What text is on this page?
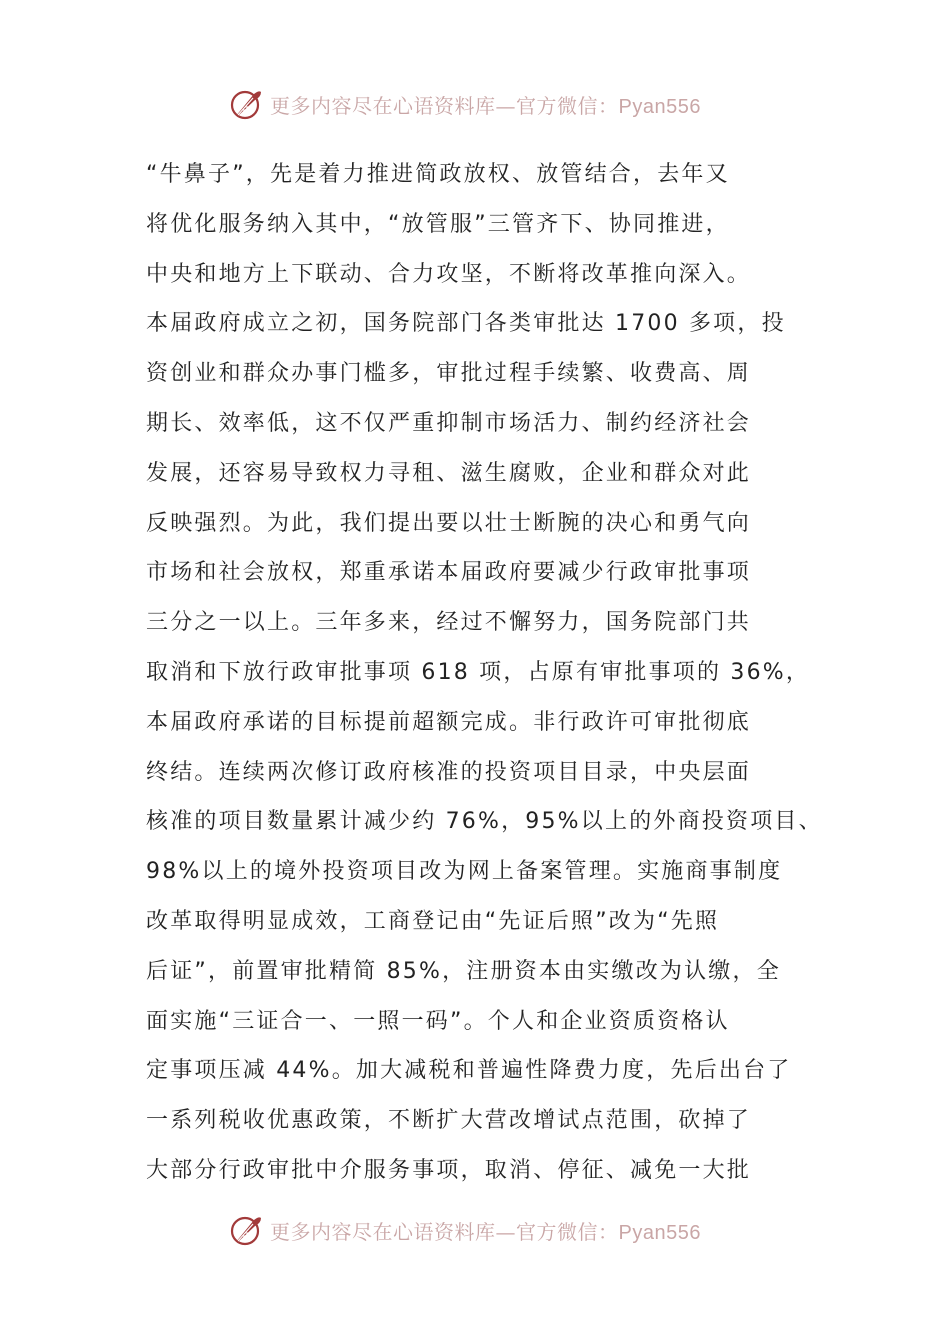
更多内容尽在心语资料库—官方微信：Pyan556
“牛鼻子”，先是着力推进简政放权、放管结合，去年又
将优化服务纳入其中，“放管服”三管齐下、协同推进，
中央和地方上下联动、合力攻坚，不断将改革推向深入。
本届政府成立之初，国务院部门各类审批达 1700 多项，投
资创业和群众办事门槛多，审批过程手续繁、收费高、周
期长、效率低，这不仅严重抑制市场活力、制约经济社会
发展，还容易导致权力寻租、滋生腐败，企业和群众对此
反映强烈。为此，我们提出要以壮士断腕的决心和勇气向
市场和社会放权，郑重承诺本届政府要减少行政审批事项
三分之一以上。三年多来，经过不懈努力，国务院部门共
取消和下放行政审批事项 618 项，占原有审批事项的 36%，
本届政府承诺的目标提前超额完成。非行政许可审批彻底
终结。连续两次修订政府核准的投资项目目录，中央层面
核准的项目数量累计减少约 76%，95%以上的外商投资项目、
98%以上的境外投资项目改为网上备案管理。实施商事制度
改革取得明显成效，工商登记由“先证后照”改为“先照
后证”，前置审批精简 85%，注册资本由实缴改为认缴，全
面实施“三证合一、一照一码”。个人和企业资质资格认
定事项压减 44%。加大减税和普遍性降费力度，先后出台了
一系列税收优惠政策，不断扩大营改增试点范围，砍掉了
大部分行政审批中介服务事项，取消、停征、减免一大批
更多内容尽在心语资料库—官方微信：Pyan556
